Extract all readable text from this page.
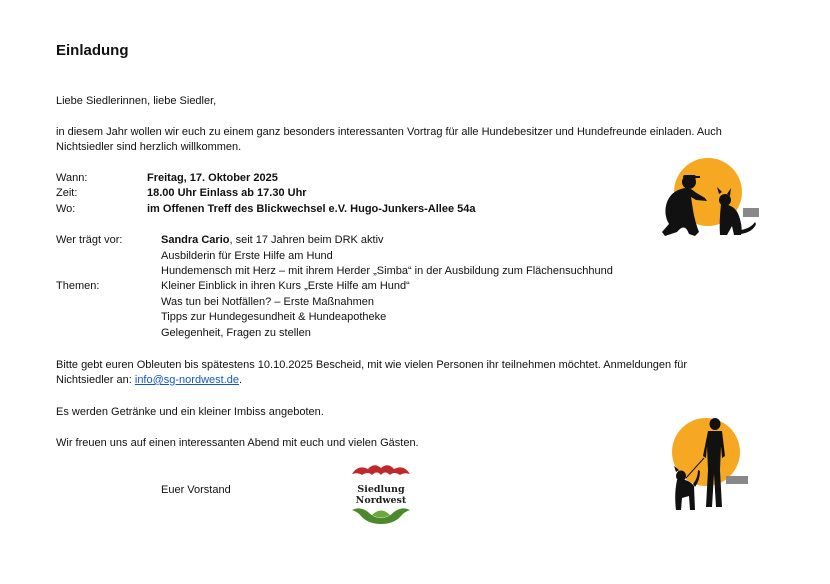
Einladung
Liebe Siedlerinnen, liebe Siedler,
in diesem Jahr wollen wir euch zu einem ganz besonders interessanten Vortrag für alle Hundebesitzer und Hundefreunde einladen. Auch
Nichtsiedler sind herzlich willkommen.
Wann:	Freitag, 17. Oktober 2025
Zeit:	18.00 Uhr Einlass ab 17.30 Uhr
Wo:	im Offenen Treff des Blickwechsel e.V. Hugo-Junkers-Allee 54a
Wer trägt vor:	Sandra Cario, seit 17 Jahren beim DRK aktiv
Ausbilderin für Erste Hilfe am Hund
Hundemensch mit Herz – mit ihrem Herder „Simba“ in der Ausbildung zum Flächensuchhund
Themen:	Kleiner Einblick in ihren Kurs „Erste Hilfe am Hund“
Was tun bei Notfällen? – Erste Maßnahmen
Tipps zur Hundegesundheit & Hundeapotheke
Gelegenheit, Fragen zu stellen
Bitte gebt euren Obleuten bis spätestens 10.10.2025 Bescheid, mit wie vielen Personen ihr teilnehmen möchtet. Anmeldungen für
Nichtsiedler an: info@sg-nordwest.de.
Es werden Getränke und ein kleiner Imbiss angeboten.
Wir freuen uns auf einen interessanten Abend mit euch und vielen Gästen.
Euer Vorstand	Siedlung
Nordwest
